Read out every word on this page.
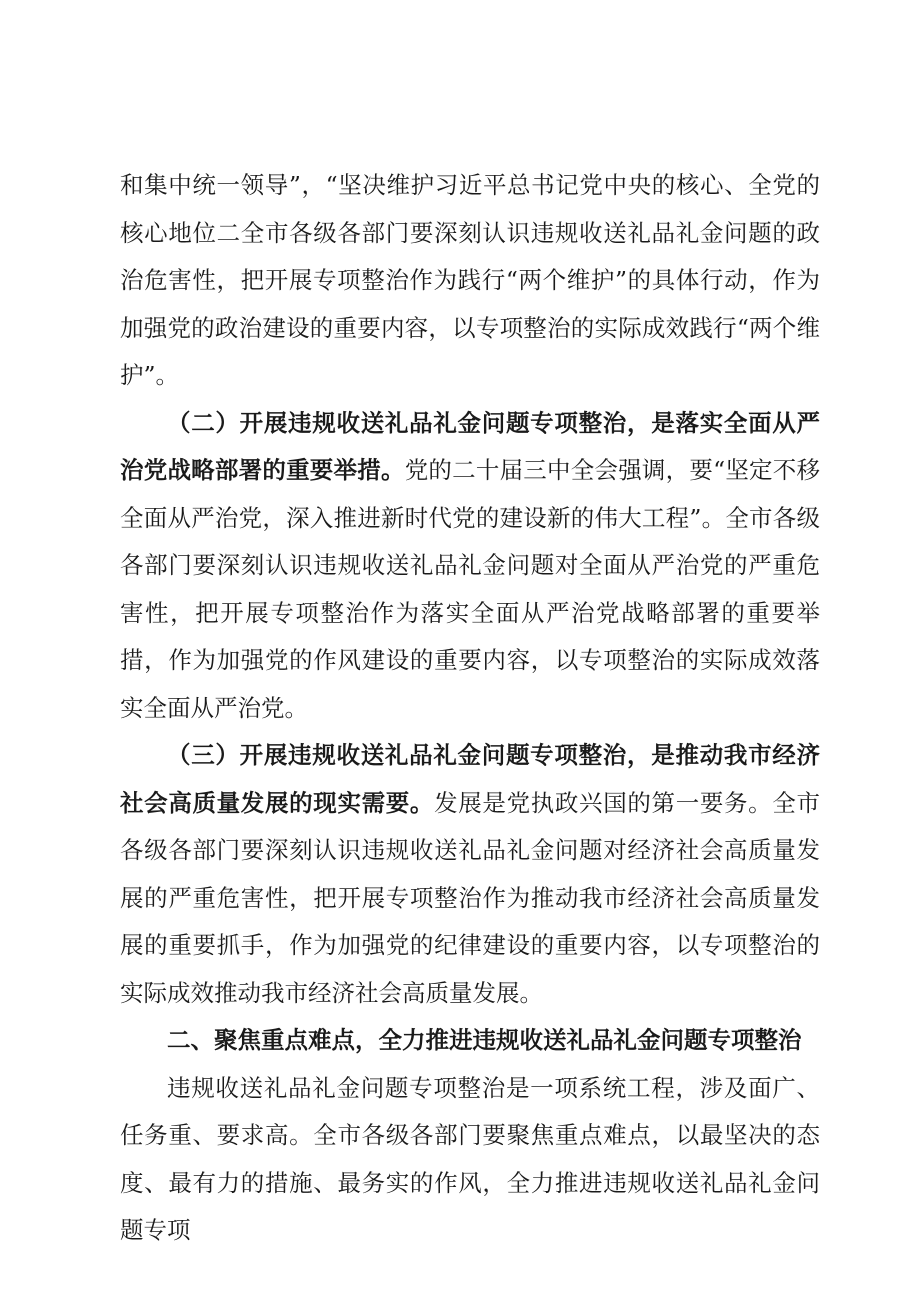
和集中统一领导”，“坚决维护习近平总书记党中央的核心、全党的核心地位二全市各级各部门要深刻认识违规收送礼品礼金问题的政治危害性，把开展专项整治作为践行“两个维护”的具体行动，作为加强党的政治建设的重要内容，以专项整治的实际成效践行“两个维护”。

（二）开展违规收送礼品礼金问题专项整治，是落实全面从严治党战略部署的重要举措。党的二十届三中全会强调，要“坚定不移全面从严治党，深入推进新时代党的建设新的伟大工程”。全市各级各部门要深刻认识违规收送礼品礼金问题对全面从严治党的严重危害性，把开展专项整治作为落实全面从严治党战略部署的重要举措，作为加强党的作风建设的重要内容，以专项整治的实际成效落实全面从严治党。

（三）开展违规收送礼品礼金问题专项整治，是推动我市经济社会高质量发展的现实需要。发展是党执政兴国的第一要务。全市各级各部门要深刻认识违规收送礼品礼金问题对经济社会高质量发展的严重危害性，把开展专项整治作为推动我市经济社会高质量发展的重要抓手，作为加强党的纪律建设的重要内容，以专项整治的实际成效推动我市经济社会高质量发展。

二、聚焦重点难点，全力推进违规收送礼品礼金问题专项整治

违规收送礼品礼金问题专项整治是一项系统工程，涉及面广、任务重、要求高。全市各级各部门要聚焦重点难点，以最坚决的态度、最有力的措施、最务实的作风，全力推进违规收送礼品礼金问题专项
